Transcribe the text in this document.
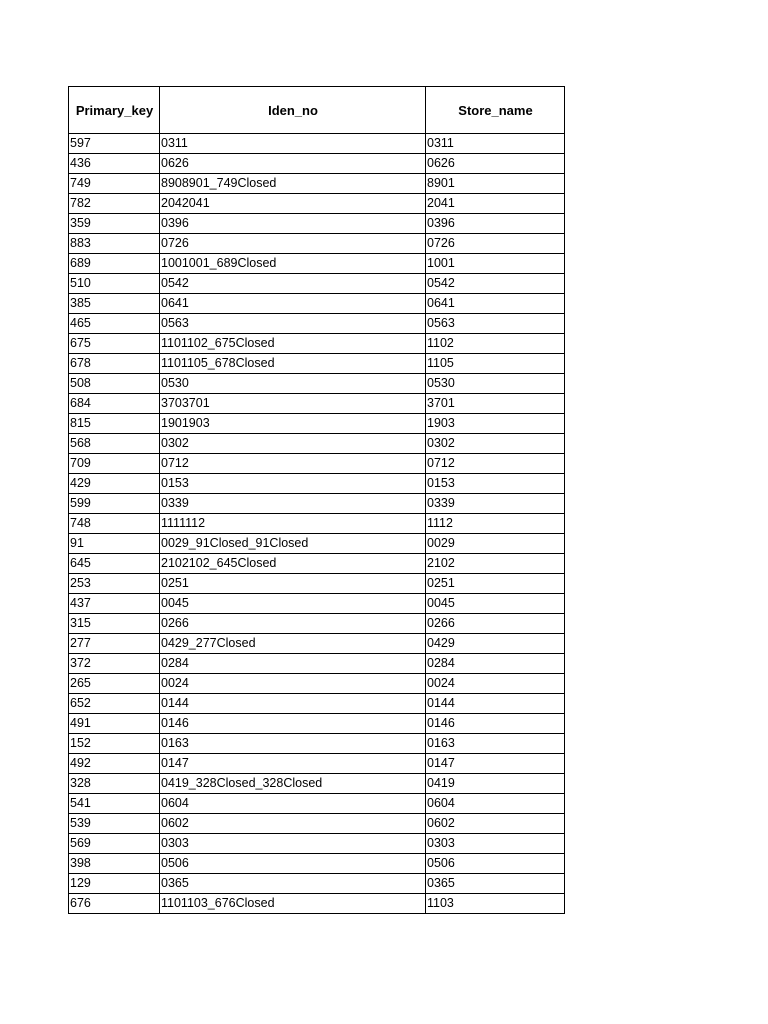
Primary_key	Iden_no	Store_name
597	0311	0311
436	0626	0626
749	8908901_749Closed	8901
782	2042041	2041
359	0396	0396
883	0726	0726
689	1001001_689Closed	1001
510	0542	0542
385	0641	0641
465	0563	0563
675	1101102_675Closed	1102
678	1101105_678Closed	1105
508	0530	0530
684	3703701	3701
815	1901903	1903
568	0302	0302
709	0712	0712
429	0153	0153
599	0339	0339
748	1111112	1112
91	0029_91Closed_91Closed	0029
645	2102102_645Closed	2102
253	0251	0251
437	0045	0045
315	0266	0266
277	0429_277Closed	0429
372	0284	0284
265	0024	0024
652	0144	0144
491	0146	0146
152	0163	0163
492	0147	0147
328	0419_328Closed_328Closed	0419
541	0604	0604
539	0602	0602
569	0303	0303
398	0506	0506
129	0365	0365
676	1101103_676Closed	1103
